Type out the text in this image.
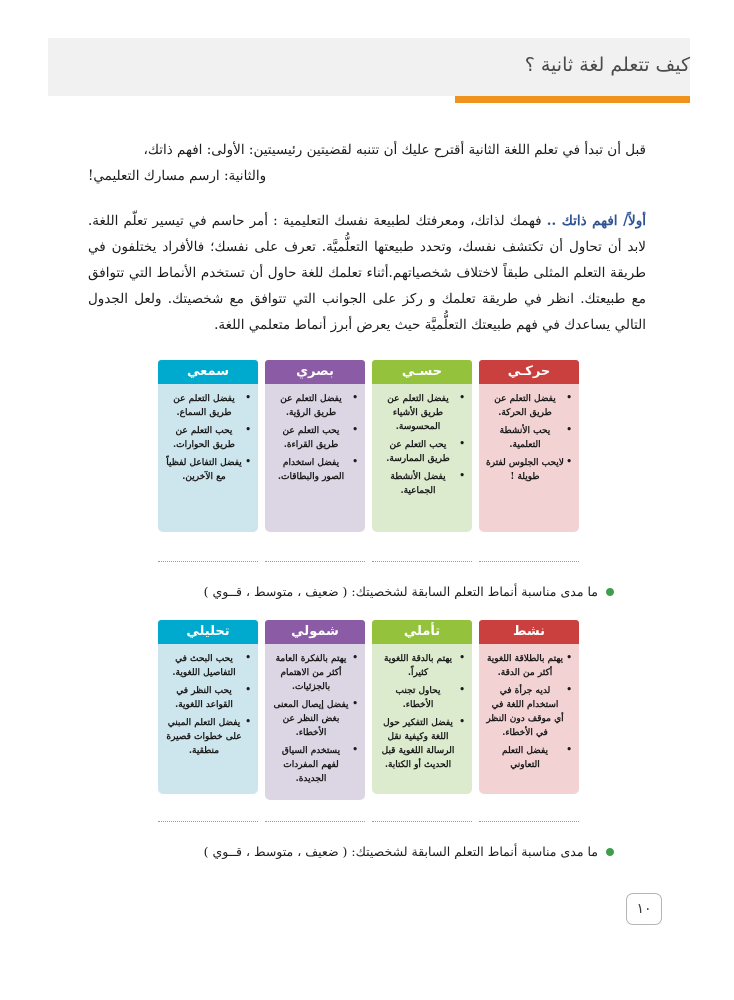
كيف تتعلم لغة ثانية ؟
قبل أن تبدأ في تعلم اللغة الثانية أقترح عليك أن تتنبه لقضيتين رئيسيتين: الأولى: افهم ذاتك،
والثانية: ارسم مسارك التعليمي!
أولاً/ افهم ذاتك .. فهمك لذاتك، ومعرفتك لطبيعة نفسك التعليمية : أمر حاسم في تيسير تعلّم اللغة. لابد أن تحاول أن تكتشف نفسك، وتحدد طبيعتها التعلُّميَّة. تعرف على نفسك؛ فالأفراد يختلفون في طريقة التعلم المثلى طبقاً لاختلاف شخصياتهم.أثناء تعلمك للغة حاول أن تستخدم الأنماط التي تتوافق مع طبيعتك. انظر في طريقة تعلمك و ركز على الجوانب التي تتوافق مع شخصيتك. ولعل الجدول التالي يساعدك في فهم طبيعتك التعلُّميَّة حيث يعرض أبرز أنماط متعلمي اللغة.
سمعي
• يفضل التعلم عن طريق السماع.
• يحب التعلم عن طريق الحوارات.
• يفضل التفاعل لفظياً مع الآخرين.
بصري
• يفضل التعلم عن طريق الرؤية.
• يحب التعلم عن طريق القراءة.
• يفضل استخدام الصور والبطاقات.
حسـي
• يفضل التعلم عن طريق الأشياء المحسوسة.
• يحب التعلم عن طريق الممارسة.
• يفضل الأنشطة الجماعية.
حركـي
• يفضل التعلم عن طريق الحركة.
• يحب الأنشطة التعلمية.
• لايحب الجلوس لفترة طويلة !
ما مدى مناسبة أنماط التعلم السابقة لشخصيتك: ( ضعيف ، متوسط ، قــوي )
تحليلي
• يحب البحث في التفاصيل اللغوية.
• يحب النظر في القواعد اللغوية.
• يفضل التعلم المبني على خطوات قصيرة منطقية.
شمولي
• يهتم بالفكرة العامة أكثر من الاهتمام بالجزئيات.
• يفضل إيصال المعنى بغض النظر عن الأخطاء.
• يستخدم السياق لفهم المفردات الجديدة.
تأملي
• يهتم بالدقة اللغوية كثيراً.
• يحاول تجنب الأخطاء.
• يفضل التفكير حول اللغة وكيفية نقل الرسالة اللغوية قبل الحديث أو الكتابة.
نشط
• يهتم بالطلاقة اللغوية أكثر من الدقة.
• لديه جرأة في استخدام اللغة في أي موقف دون النظر في الأخطاء.
• يفضل التعلم التعاوني
ما مدى مناسبة أنماط التعلم السابقة لشخصيتك: ( ضعيف ، متوسط ، قــوي )
١٠
